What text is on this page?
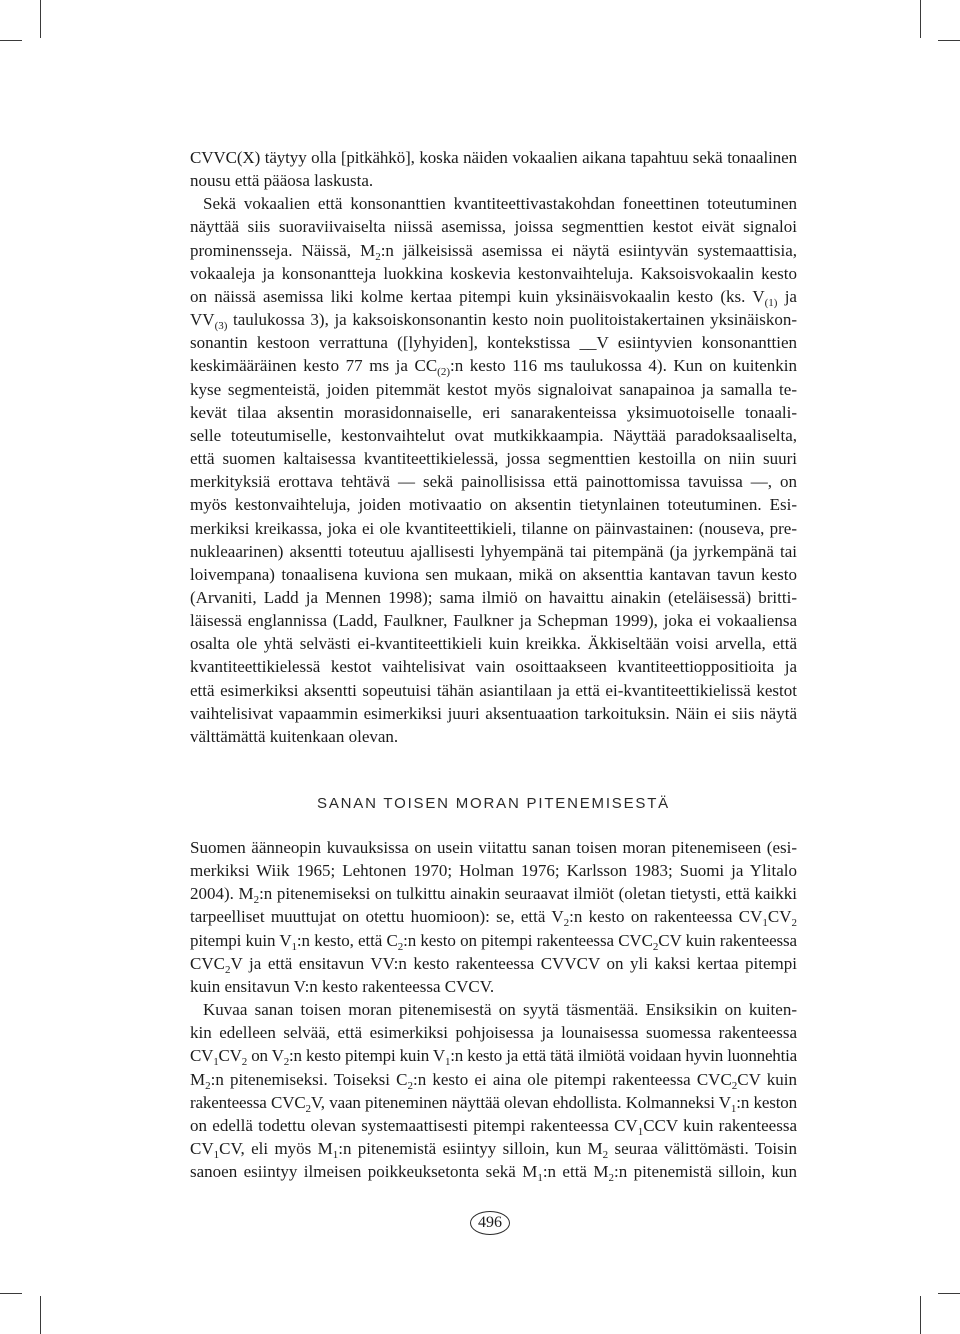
CVVC(X) täytyy olla [pitkähkö], koska näiden vokaalien aikana tapahtuu sekä tonaalinen
nousu että pääosa laskusta.
Sekä vokaalien että konsonanttien kvantiteettivastakohdan foneettinen toteutuminen
näyttää siis suoraviivaiselta niissä asemissa, joissa segmenttien kestot eivät signaloi
prominensseja. Näissä, $M_2:n$ jälkeisissä asemissa ei näytä esiintyvän systemaattisia,
vokaaleja ja konsonantteja luokkina koskevia kestonvaihteluja. Kaksoisvokaalin kesto
on näissä asemissa liki kolme kertaa pitempi kuin yksinäisvokaalin kesto (ks. $V_{(1)}$ ja
$VV_{(3)}$ taulukossa 3), ja kaksoiskonsonantin kesto noin puolitoistakertainen yksinäiskon-
sonantin kestoon verrattuna ([lyhyiden], kontekstissa __V esiintyvien konsonanttien
keskimääräinen kesto 77 ms ja $CC_{(2)}:n$ kesto 116 ms taulukossa 4). Kun on kuitenkin
kyse segmenteistä, joiden pitemmät kestot myös signaloivat sanapainoa ja samalla te-
kevät tilaa aksentin morasidonnaiselle, eri sanarakenteissa yksimuotoiselle tonaali-
selle toteutumiselle, kestonvaihtelut ovat mutkikkaampia. Näyttää paradoksaaliselta,
että suomen kaltaisessa kvantiteettikielessä, jossa segmenttien kestoilla on niin suuri
merkityksiä erottava tehtävä — sekä painollisissa että painottomissa tavuissa —, on
myös kestonvaihteluja, joiden motivaatio on aksentin tietynlainen toteutuminen. Esi-
merkiksi kreikassa, joka ei ole kvantiteettikieli, tilanne on päinvastainen: (nouseva, pre-
nukleaarinen) aksentti toteutuu ajallisesti lyhyempänä tai pitempänä (ja jyrkempänä tai
loivempana) tonaalisena kuviona sen mukaan, mikä on aksenttia kantavan tavun kesto
(Arvaniti, Ladd ja Mennen 1998); sama ilmiö on havaittu ainakin (eteläisessä) britti-
läisessä englannissa (Ladd, Faulkner, Faulkner ja Schepman 1999), joka ei vokaaliensa
osalta ole yhtä selvästi ei-kvantiteettikieli kuin kreikka. Äkkiseltään voisi arvella, että
kvantiteettikielessä kestot vaihtelisivat vain osoittaakseen kvantiteettioppositioita ja
että esimerkiksi aksentti sopeutuisi tähän asiantilaan ja että ei-kvantiteettikielissä kestot
vaihtelisivat vapaammin esimerkiksi juuri aksentuaation tarkoituksin. Näin ei siis näytä
välttämättä kuitenkaan olevan.
SANAN TOISEN MORAN PITENEMISESTÄ
Suomen äänneopin kuvauksissa on usein viitattu sanan toisen moran pitenemiseen (esi-
merkiksi Wiik 1965; Lehtonen 1970; Holman 1976; Karlsson 1983; Suomi ja Ylitalo
2004). $M_2:n$ pitenemiseksi on tulkittu ainakin seuraavat ilmiöt (oletan tietysti, että kaikki
tarpeelliset muuttujat on otettu huomioon): se, että $V_2:n$ kesto on rakenteessa $CV_1CV_2$
pitempi kuin $V_1:n$ kesto, että $C_2:n$ kesto on pitempi rakenteessa $CVC_2CV$ kuin rakenteessa
$CVC_2V$ ja että ensitavun VV:n kesto rakenteessa CVVCV on yli kaksi kertaa pitempi
kuin ensitavun V:n kesto rakenteessa CVCV.
Kuvaa sanan toisen moran pitenemisestä on syytä täsmentää. Ensiksikin on kuiten-
kin edelleen selvää, että esimerkiksi pohjoisessa ja lounaisessa suomessa rakenteessa
$CV_1CV_2$ on $V_2:n$ kesto pitempi kuin $V_1:n$ kesto ja että tätä ilmiötä voidaan hyvin luonnehtia
$M_2:n$ pitenemiseksi. Toiseksi $C_2:n$ kesto ei aina ole pitempi rakenteessa $CVC_2CV$ kuin
rakenteessa $CVC_2V$, vaan piteneminen näyttää olevan ehdollista. Kolmanneksi $V_1:n$ keston
on edellä todettu olevan systemaattisesti pitempi rakenteessa $CV_1CCV$ kuin rakenteessa
$CV_1CV$, eli myös $M_1:n$ pitenemistä esiintyy silloin, kun $M_2$ seuraa välittömästi. Toisin
sanoen esiintyy ilmeisen poikkeuksetonta sekä $M_1:n$ että $M_2:n$ pitenemistä silloin, kun
496
